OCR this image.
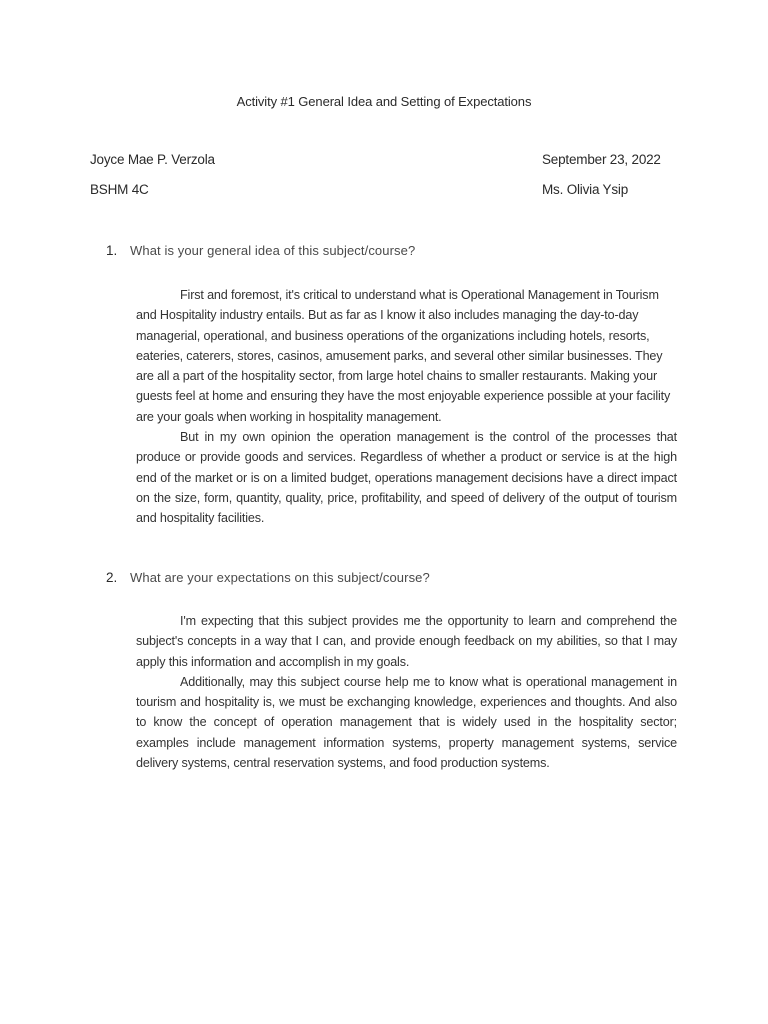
Activity #1 General Idea and Setting of Expectations
Joyce Mae P. Verzola
BSHM 4C
September 23, 2022
Ms. Olivia Ysip
1. What is your general idea of this subject/course?

First and foremost, it's critical to understand what is Operational Management in Tourism and Hospitality industry entails. But as far as I know it also includes managing the day-to-day managerial, operational, and business operations of the organizations including hotels, resorts, eateries, caterers, stores, casinos, amusement parks, and several other similar businesses. They are all a part of the hospitality sector, from large hotel chains to smaller restaurants. Making your guests feel at home and ensuring they have the most enjoyable experience possible at your facility are your goals when working in hospitality management.

But in my own opinion the operation management is the control of the processes that produce or provide goods and services. Regardless of whether a product or service is at the high end of the market or is on a limited budget, operations management decisions have a direct impact on the size, form, quantity, quality, price, profitability, and speed of delivery of the output of tourism and hospitality facilities.

2. What are your expectations on this subject/course?

I'm expecting that this subject provides me the opportunity to learn and comprehend the subject's concepts in a way that I can, and provide enough feedback on my abilities, so that I may apply this information and accomplish in my goals.

Additionally, may this subject course help me to know what is operational management in tourism and hospitality is, we must be exchanging knowledge, experiences and thoughts. And also to know the concept of operation management that is widely used in the hospitality sector; examples include management information systems, property management systems, service delivery systems, central reservation systems, and food production systems.
